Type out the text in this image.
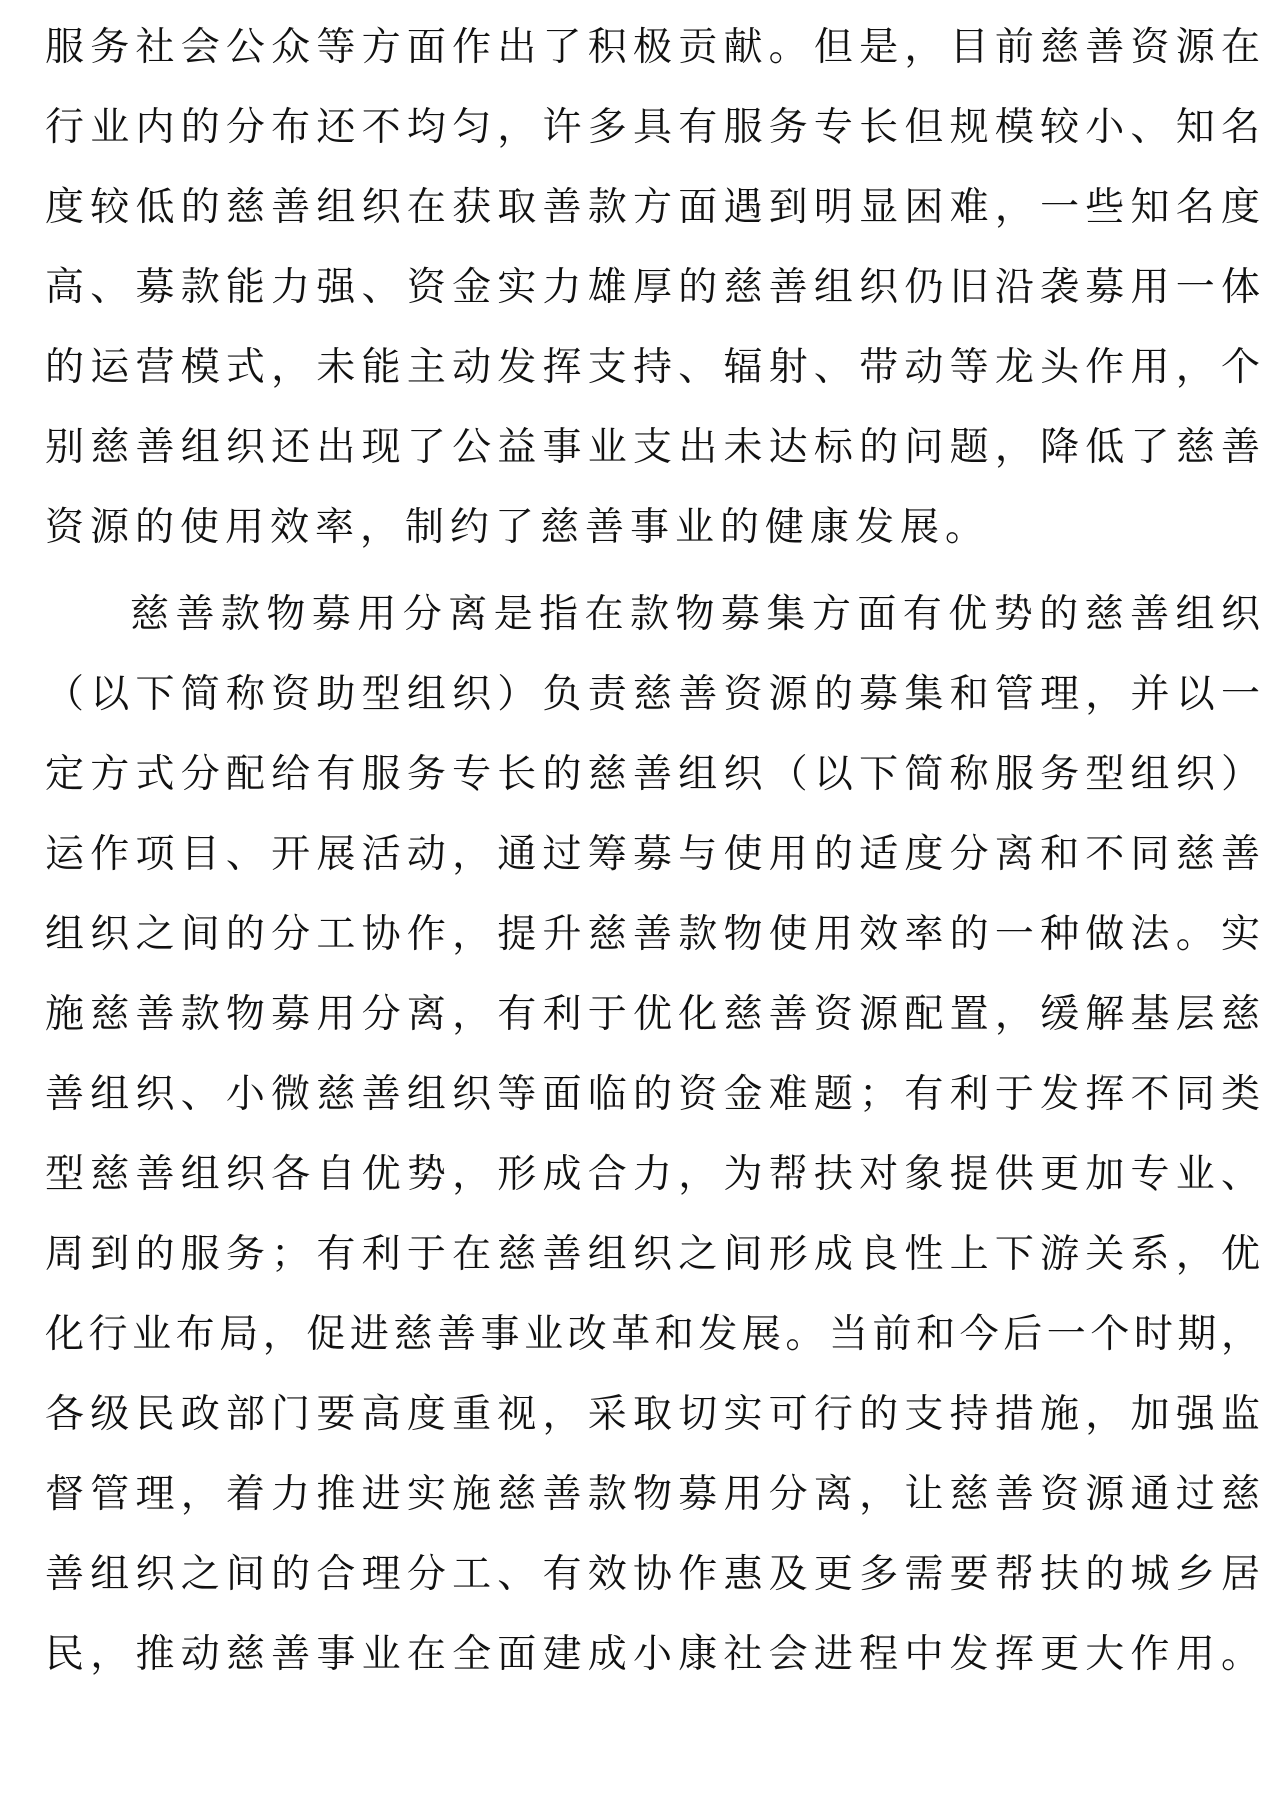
服务社会公众等方面作出了积极贡献。但是，目前慈善资源在
行业内的分布还不均匀，许多具有服务专长但规模较小、知名
度较低的慈善组织在获取善款方面遇到明显困难，一些知名度
高、募款能力强、资金实力雄厚的慈善组织仍旧沿袭募用一体
的运营模式，未能主动发挥支持、辐射、带动等龙头作用，个
别慈善组织还出现了公益事业支出未达标的问题，降低了慈善
资源的使用效率，制约了慈善事业的健康发展。
慈善款物募用分离是指在款物募集方面有优势的慈善组织
（以下简称资助型组织）负责慈善资源的募集和管理，并以一
定方式分配给有服务专长的慈善组织（以下简称服务型组织）
运作项目、开展活动，通过筹募与使用的适度分离和不同慈善
组织之间的分工协作，提升慈善款物使用效率的一种做法。实
施慈善款物募用分离，有利于优化慈善资源配置，缓解基层慈
善组织、小微慈善组织等面临的资金难题；有利于发挥不同类
型慈善组织各自优势，形成合力，为帮扶对象提供更加专业、
周到的服务；有利于在慈善组织之间形成良性上下游关系，优
化行业布局，促进慈善事业改革和发展。当前和今后一个时期，
各级民政部门要高度重视，采取切实可行的支持措施，加强监
督管理，着力推进实施慈善款物募用分离，让慈善资源通过慈
善组织之间的合理分工、有效协作惠及更多需要帮扶的城乡居
民，推动慈善事业在全面建成小康社会进程中发挥更大作用。
